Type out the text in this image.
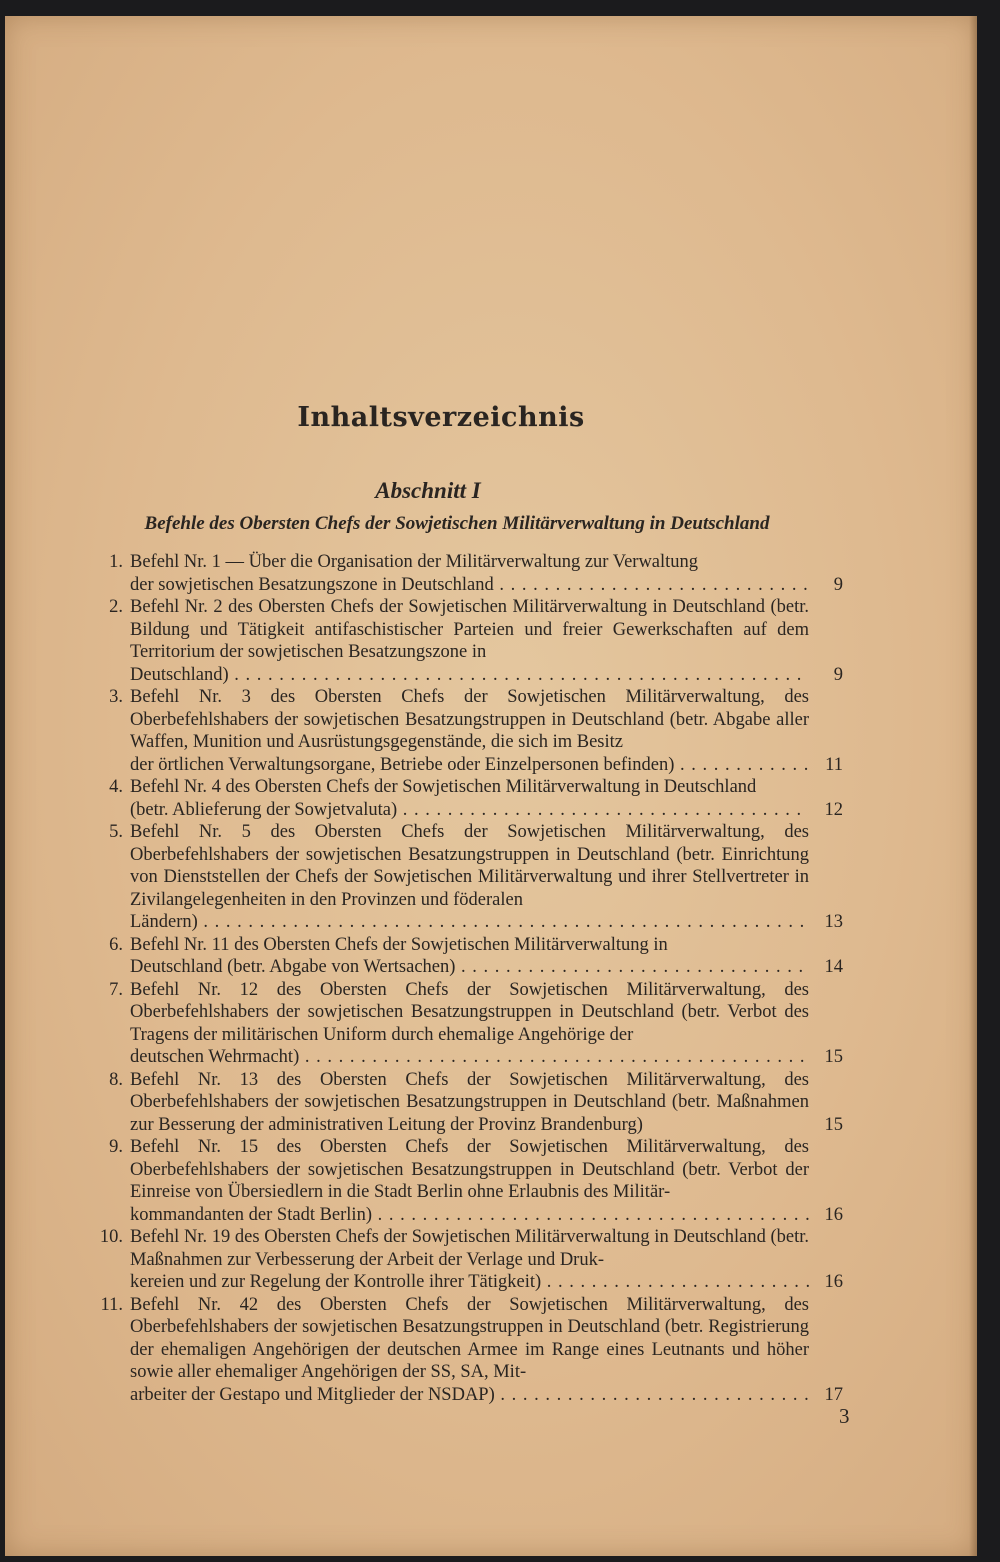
Inhaltsverzeichnis
Abschnitt I
Befehle des Obersten Chefs der Sowjetischen Militärverwaltung in Deutschland
1. Befehl Nr. 1 — Über die Organisation der Militärverwaltung zur Verwaltung
der sowjetischen Besatzungszone in Deutschland . . .	9
2. Befehl Nr. 2 des Obersten Chefs der Sowjetischen Militärverwaltung in Deutschland (betr. Bildung und Tätigkeit antifaschistischer Parteien und freier Gewerkschaften auf dem Territorium der sowjetischen Besatzungszone in
Deutschland) . . .	9
3. Befehl Nr. 3 des Obersten Chefs der Sowjetischen Militärverwaltung, des Oberbefehlshabers der sowjetischen Besatzungstruppen in Deutschland (betr. Abgabe aller Waffen, Munition und Ausrüstungsgegenstände, die sich im Besitz
der örtlichen Verwaltungsorgane, Betriebe oder Einzelpersonen befinden) . . .	11
4. Befehl Nr. 4 des Obersten Chefs der Sowjetischen Militärverwaltung in Deutschland
(betr. Ablieferung der Sowjetvaluta) . . .	12
5. Befehl Nr. 5 des Obersten Chefs der Sowjetischen Militärverwaltung, des Oberbefehlshabers der sowjetischen Besatzungstruppen in Deutschland (betr. Einrichtung von Dienststellen der Chefs der Sowjetischen Militärverwaltung und ihrer Stellvertreter in Zivilangelegenheiten in den Provinzen und föderalen
Ländern) . . .	13
6. Befehl Nr. 11 des Obersten Chefs der Sowjetischen Militärverwaltung in
Deutschland (betr. Abgabe von Wertsachen) . . .	14
7. Befehl Nr. 12 des Obersten Chefs der Sowjetischen Militärverwaltung, des Oberbefehlshabers der sowjetischen Besatzungstruppen in Deutschland (betr. Verbot des Tragens der militärischen Uniform durch ehemalige Angehörige der
deutschen Wehrmacht) . . .	15
8. Befehl Nr. 13 des Obersten Chefs der Sowjetischen Militärverwaltung, des Oberbefehlshabers der sowjetischen Besatzungstruppen in Deutschland (betr. Maßnahmen zur Besserung der administrativen Leitung der Provinz Brandenburg)	15
9. Befehl Nr. 15 des Obersten Chefs der Sowjetischen Militärverwaltung, des Oberbefehlshabers der sowjetischen Besatzungstruppen in Deutschland (betr. Verbot der Einreise von Übersiedlern in die Stadt Berlin ohne Erlaubnis des Militär-
kommandanten der Stadt Berlin) . . .	16
10. Befehl Nr. 19 des Obersten Chefs der Sowjetischen Militärverwaltung in Deutschland (betr. Maßnahmen zur Verbesserung der Arbeit der Verlage und Druk-
kereien und zur Regelung der Kontrolle ihrer Tätigkeit) . . .	16
11. Befehl Nr. 42 des Obersten Chefs der Sowjetischen Militärverwaltung, des Oberbefehlshabers der sowjetischen Besatzungstruppen in Deutschland (betr. Registrierung der ehemaligen Angehörigen der deutschen Armee im Range eines Leutnants und höher sowie aller ehemaliger Angehörigen der SS, SA, Mit-
arbeiter der Gestapo und Mitglieder der NSDAP) . . .	17
3
